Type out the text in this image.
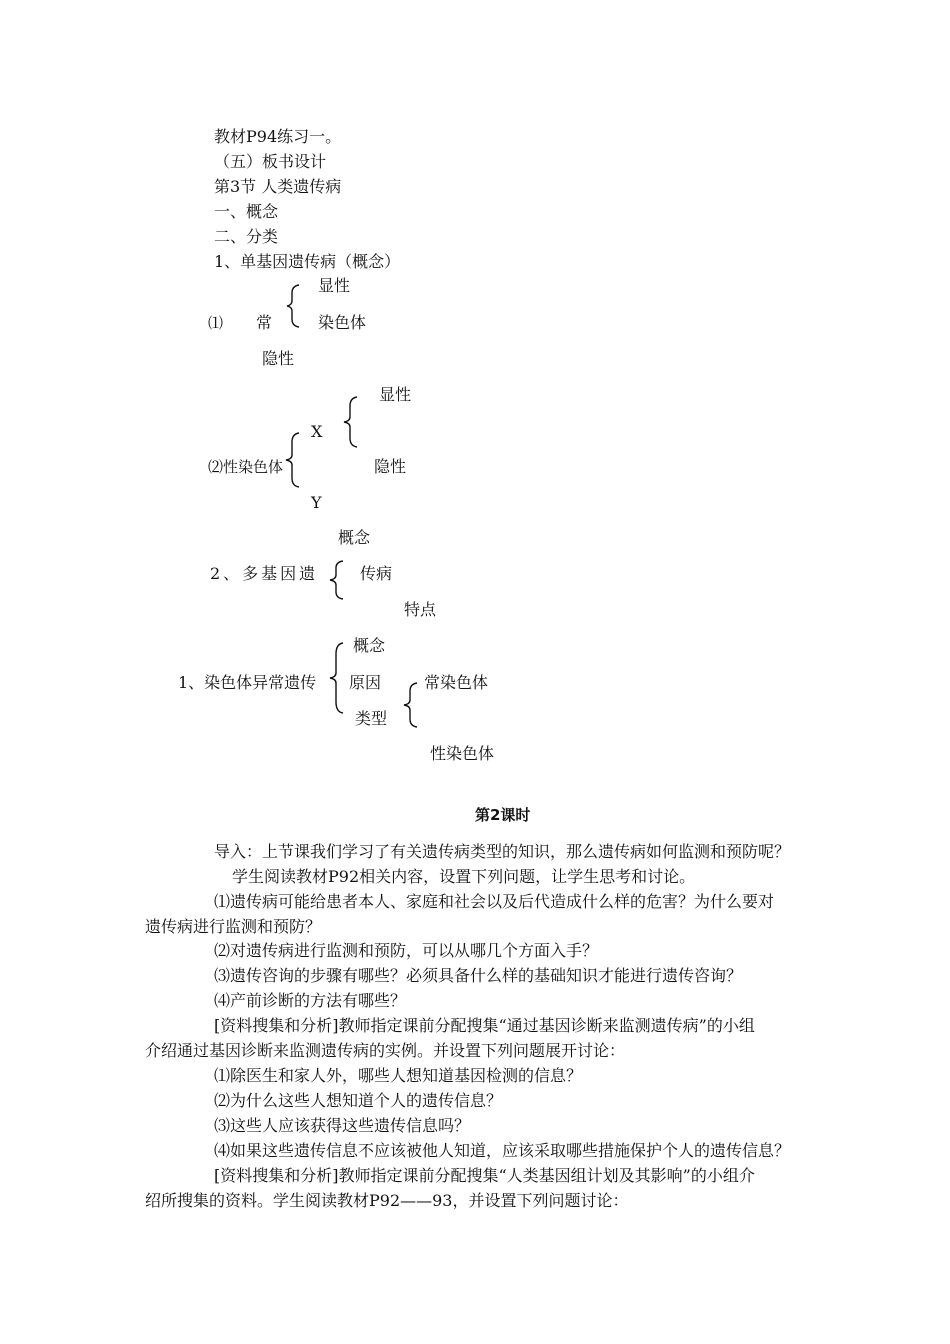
教材P94练习一。
（五）板书设计
第3节 人类遗传病
一、概念
二、分类
1、单基因遗传病（概念）
显性
⑴ 常	染色体
隐性
显性
X
⑵性染色体	隐性
Y
概念
2、多基因遗	传病
特点
概念
1、染色体异常遗传 原因	常染色体
类型
性染色体
第2课时
导入：上节课我们学习了有关遗传病类型的知识，那么遗传病如何监测和预防呢？
学生阅读教材P92相关内容，设置下列问题，让学生思考和讨论。
⑴遗传病可能给患者本人、家庭和社会以及后代造成什么样的危害？为什么要对
遗传病进行监测和预防？
⑵对遗传病进行监测和预防，可以从哪几个方面入手？
⑶遗传咨询的步骤有哪些？必须具备什么样的基础知识才能进行遗传咨询？
⑷产前诊断的方法有哪些？
[资料搜集和分析]教师指定课前分配搜集“通过基因诊断来监测遗传病”的小组
介绍通过基因诊断来监测遗传病的实例。并设置下列问题展开讨论：
⑴除医生和家人外，哪些人想知道基因检测的信息？
⑵为什么这些人想知道个人的遗传信息？
⑶这些人应该获得这些遗传信息吗？
⑷如果这些遗传信息不应该被他人知道，应该采取哪些措施保护个人的遗传信息？
[资料搜集和分析]教师指定课前分配搜集“人类基因组计划及其影响”的小组介
绍所搜集的资料。学生阅读教材P92——93，并设置下列问题讨论：
